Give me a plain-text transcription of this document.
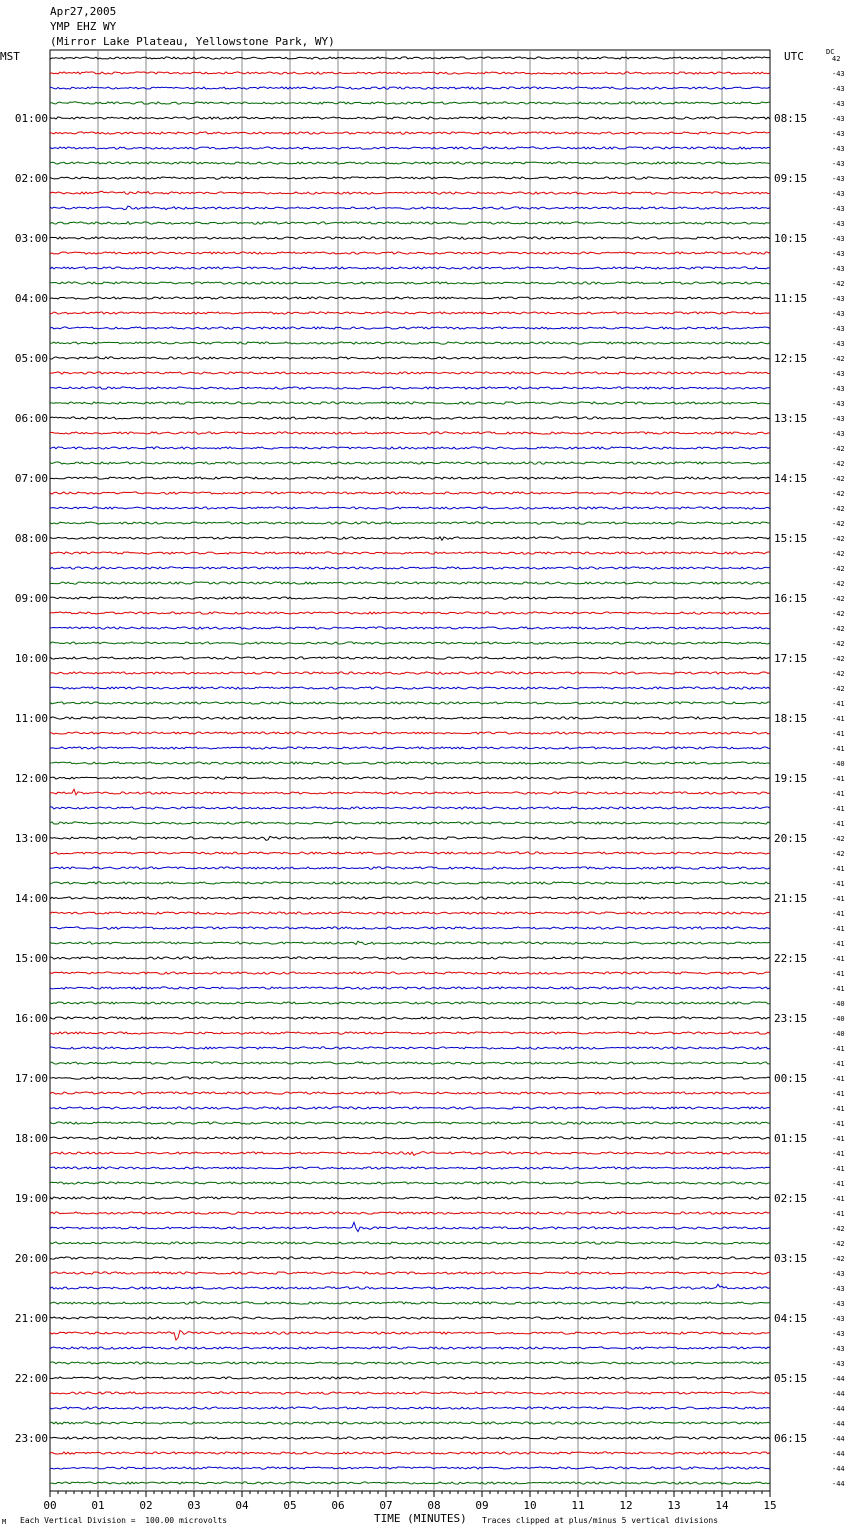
Apr27,2005
YMP EHZ WY
(Mirror Lake Plateau, Yellowstone Park, WY)
MST	UTC	DC
01:00
02:00
03:00
04:00
05:00
06:00
07:00
08:00
09:00
10:00
11:00
12:00
13:00
14:00
15:00
16:00
17:00
18:00
19:00
20:00
21:00
22:00
23:00
08:15
09:15
10:15
11:15
12:15
13:15
14:15
15:15
16:15
17:15
18:15
19:15
20:15
21:15
22:15
23:15
00:15
01:15
02:15
03:15
04:15
05:15
06:15
42
-43
-43
-43
-43
-43
-43
-43
-43
-43
-43
-43
-43
-43
-43
-42
-43
-43
-43
-43
-42
-43
-43
-43
-43
-43
-42
-42
-42
-42
-42
-42
-42
-42
-42
-42
-42
-42
-42
-42
-42
-42
-42
-41
-41
-41
-41
-40
-41
-41
-41
-41
-42
-42
-41
-41
-41
-41
-41
-41
-41
-41
-41
-40
-40
-40
-41
-41
-41
-41
-41
-41
-41
-41
-41
-41
-41
-41
-42
-42
-42
-43
-43
-43
-43
-43
-43
-43
-44
-44
-44
-44
-44
-44
-44
-44
00	01	02	03	04	05	06	07	08	09	10	11	12	13	14	15
M Each Vertical Division =  100.00 microvolts	TIME (MINUTES) Traces clipped at plus/minus 5 vertical divisions
